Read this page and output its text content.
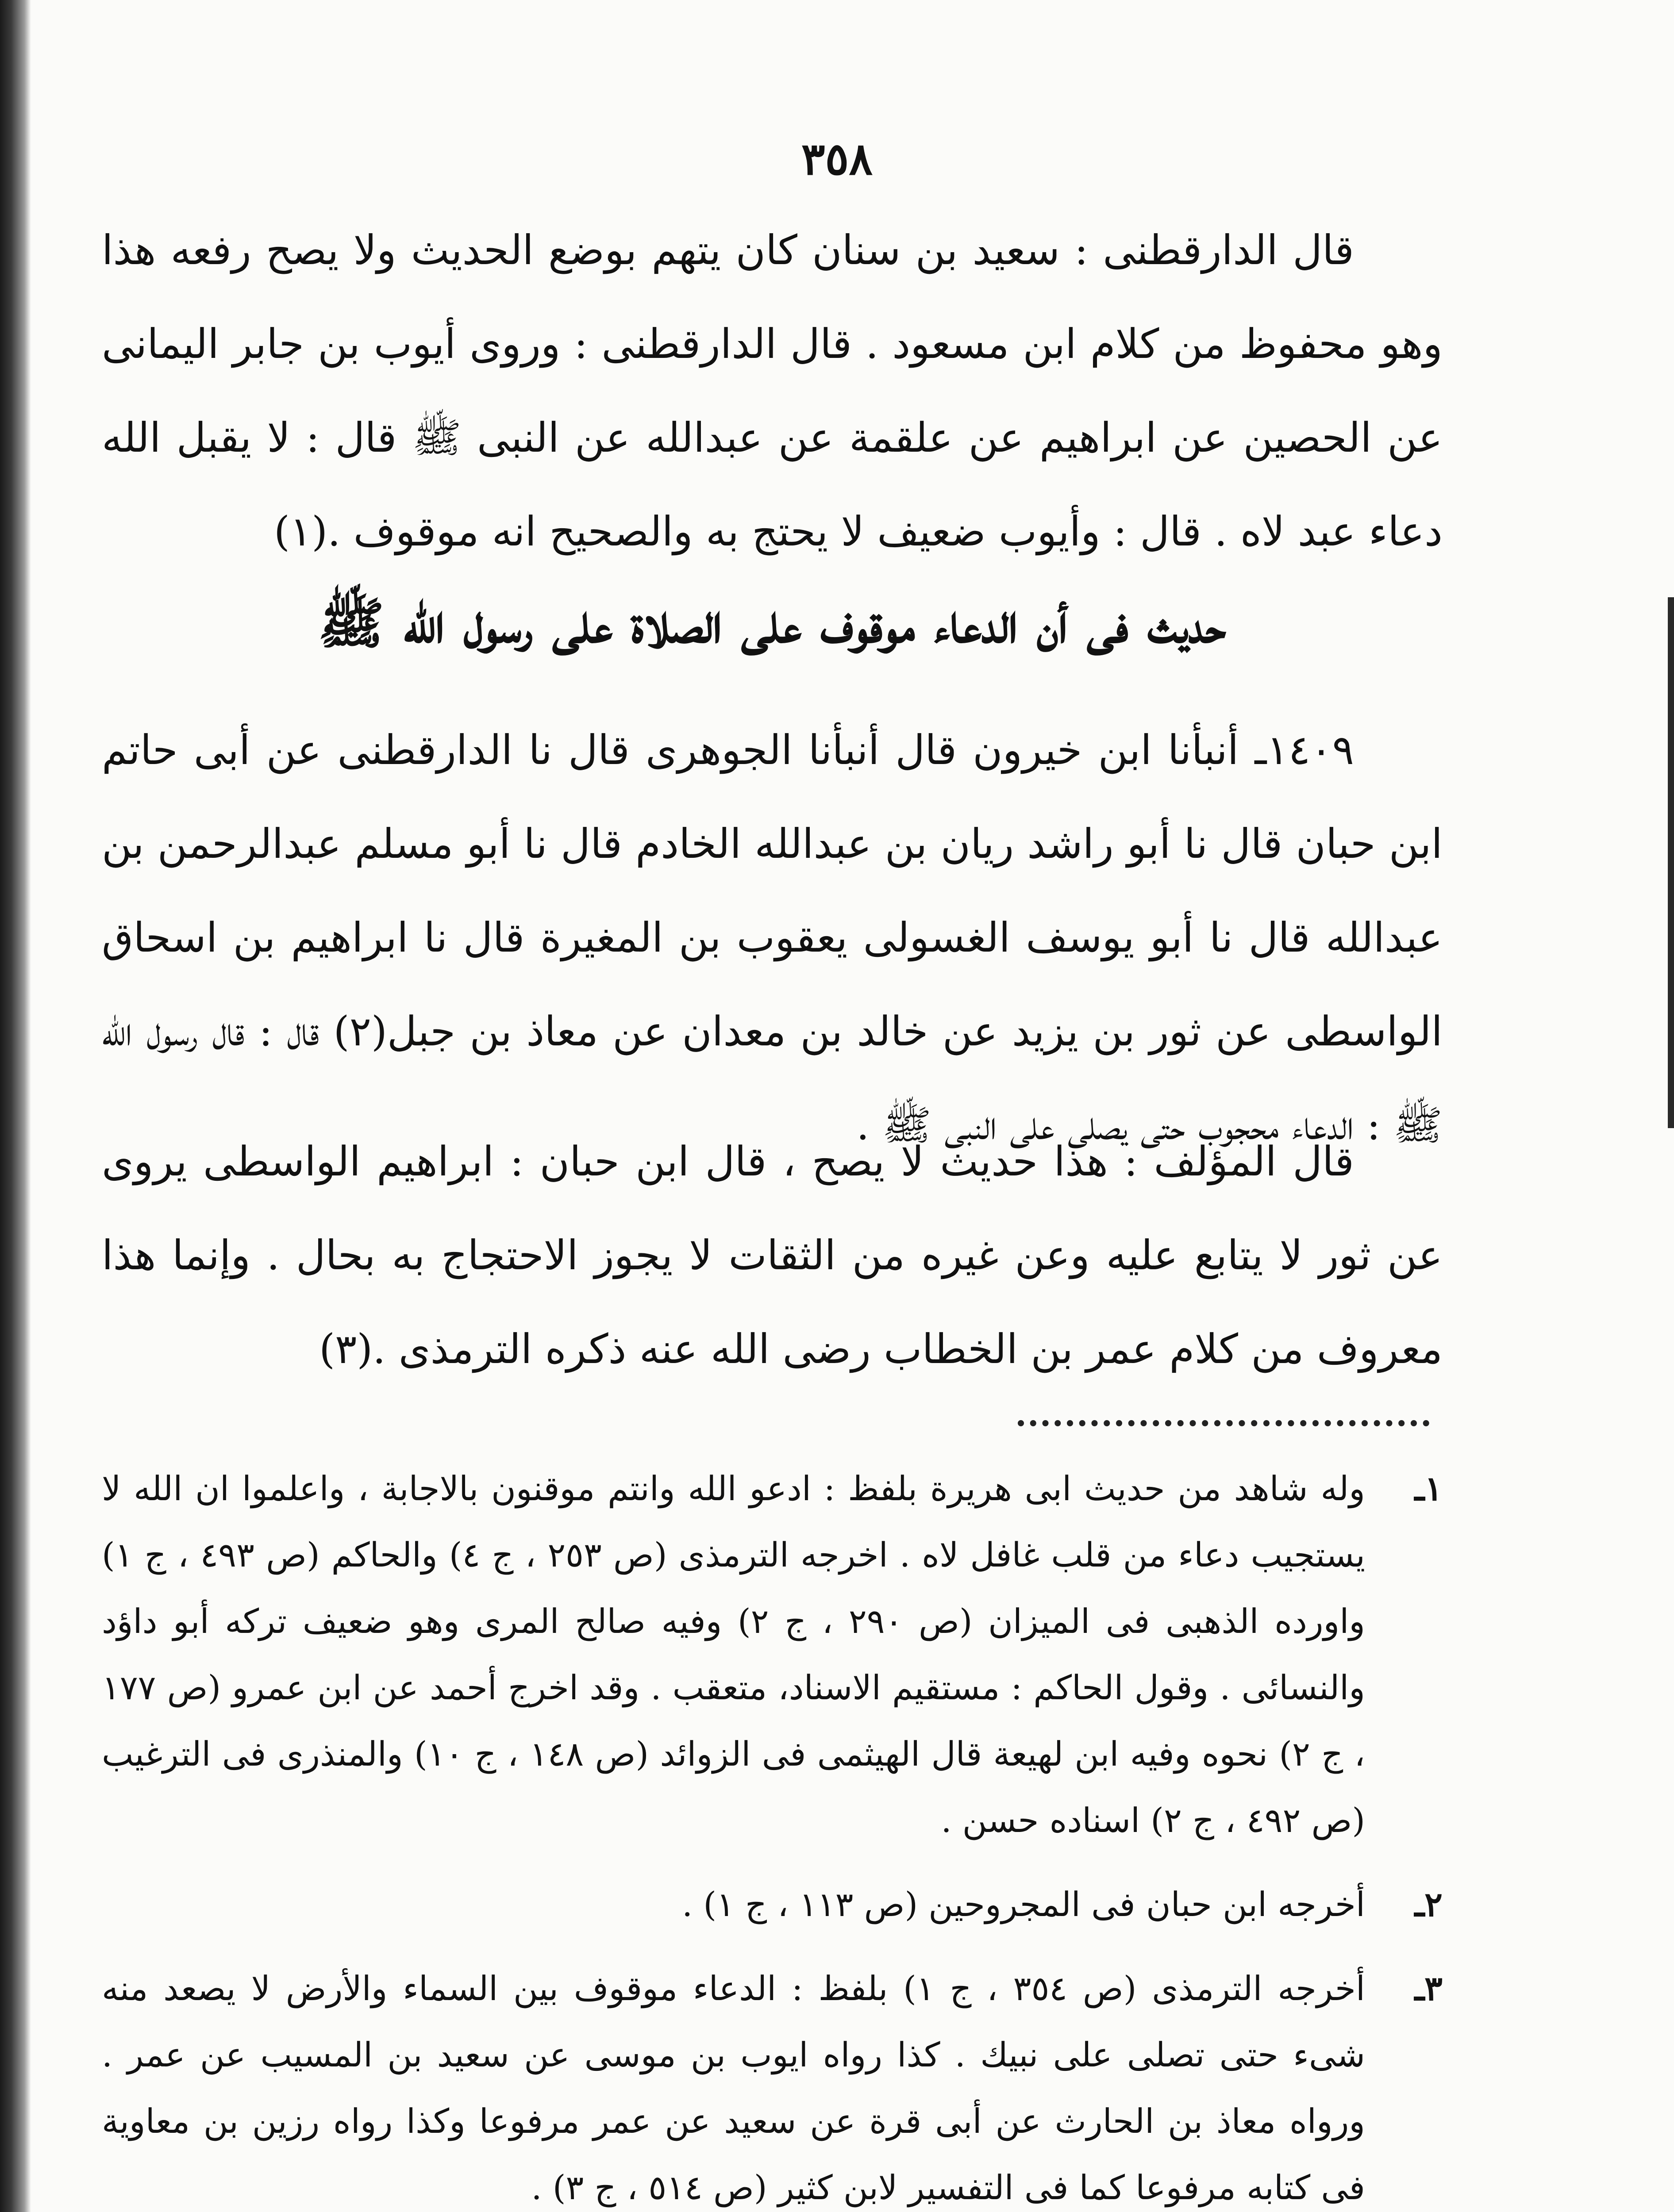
٣٥٨
قال الدارقطنى : سعيد بن سنان كان يتهم بوضع الحديث ولا يصح رفعه هذا وهو محفوظ من كلام ابن مسعود . قال الدارقطنى : وروى أيوب بن جابر اليمانى عن الحصين عن ابراهيم عن علقمة عن عبدالله عن النبى ﷺ قال : لا يقبل الله دعاء عبد لاه . قال : وأيوب ضعيف لا يحتج به والصحيح انه موقوف .(١)
حديث فى أن الدعاء موقوف على الصلاة على رسول الله ﷺ
١٤٠٩ـ أنبأنا ابن خيرون قال أنبأنا الجوهرى قال نا الدارقطنى عن أبى حاتم ابن حبان قال نا أبو راشد ريان بن عبدالله الخادم قال نا أبو مسلم عبدالرحمن بن عبدالله قال نا أبو يوسف الغسولى يعقوب بن المغيرة قال نا ابراهيم بن اسحاق الواسطى عن ثور بن يزيد عن خالد بن معدان عن معاذ بن جبل(٢) قال : قال رسول الله ﷺ : الدعاء محجوب حتى يصلى على النبى ﷺ .
قال المؤلف : هذا حديث لا يصح ، قال ابن حبان : ابراهيم الواسطى يروى عن ثور لا يتابع عليه وعن غيره من الثقات لا يجوز الاحتجاج به بحال . وإنما هذا معروف من كلام عمر بن الخطاب رضى الله عنه ذكره الترمذى .(٣)
١ـ
وله شاهد من حديث ابى هريرة بلفظ : ادعو الله وانتم موقنون بالاجابة ، واعلموا ان الله لا يستجيب دعاء من قلب غافل لاه . اخرجه الترمذى (ص ٢٥٣ ، ج ٤) والحاكم (ص ٤٩٣ ، ج ١) واورده الذهبى فى الميزان (ص ٢٩٠ ، ج ٢) وفيه صالح المرى وهو ضعيف تركه أبو داؤد والنسائى . وقول الحاكم : مستقيم الاسناد، متعقب . وقد اخرج أحمد عن ابن عمرو (ص ١٧٧ ، ج ٢) نحوه وفيه ابن لهيعة قال الهيثمى فى الزوائد (ص ١٤٨ ، ج ١٠) والمنذرى فى الترغيب (ص ٤٩٢ ، ج ٢) اسناده حسن .
٢ـ
أخرجه ابن حبان فى المجروحين (ص ١١٣ ، ج ١) .
٣ـ
أخرجه الترمذى (ص ٣٥٤ ، ج ١) بلفظ : الدعاء موقوف بين السماء والأرض لا يصعد منه شىء حتى تصلى على نبيك . كذا رواه ايوب بن موسى عن سعيد بن المسيب عن عمر . ورواه معاذ بن الحارث عن أبى قرة عن سعيد عن عمر مرفوعا وكذا رواه رزين بن معاوية فى كتابه مرفوعا كما فى التفسير لابن كثير (ص ٥١٤ ، ج ٣) .
